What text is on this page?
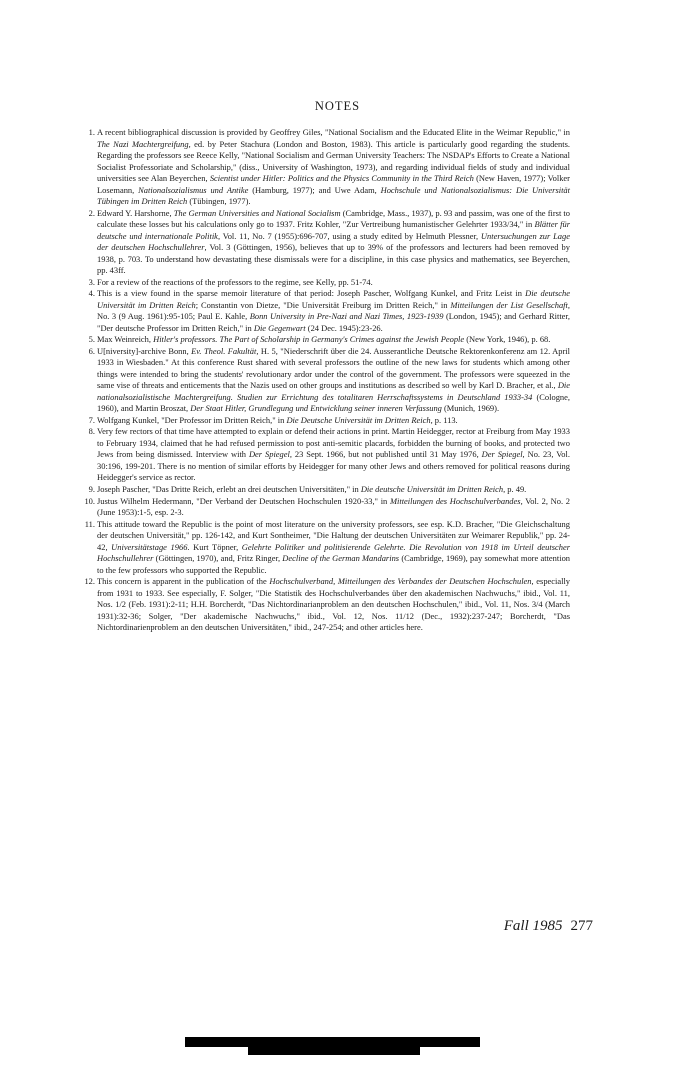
NOTES
1. A recent bibliographical discussion is provided by Geoffrey Giles, "National Socialism and the Educated Elite in the Weimar Republic," in The Nazi Machtergreifung, ed. by Peter Stachura (London and Boston, 1983). This article is particularly good regarding the students. Regarding the professors see Reece Kelly, "National Socialism and German University Teachers: The NSDAP's Efforts to Create a National Socialist Professoriate and Scholarship," (diss., University of Washington, 1973), and regarding individual fields of study and individual universities see Alan Beyerchen, Scientist under Hitler: Politics and the Physics Community in the Third Reich (New Haven, 1977); Volker Losemann, Nationalsozialismus und Antike (Hamburg, 1977); and Uwe Adam, Hochschule und Nationalsozialismus: Die Universität Tübingen im Dritten Reich (Tübingen, 1977).
2. Edward Y. Harshorne, The German Universities and National Socialism (Cambridge, Mass., 1937), p. 93 and passim, was one of the first to calculate these losses but his calculations only go to 1937. Fritz Kohler, "Zur Vertreibung humanistischer Gelehrter 1933/34," in Blätter für deutsche und internationale Politik, Vol. 11, No. 7 (1955):696-707, using a study edited by Helmuth Plessner, Untersuchungen zur Lage der deutschen Hochschullehrer, Vol. 3 (Göttingen, 1956), believes that up to 39% of the professors and lecturers had been removed by 1938, p. 703. To understand how devastating these dismissals were for a discipline, in this case physics and mathematics, see Beyerchen, pp. 43ff.
3. For a review of the reactions of the professors to the regime, see Kelly, pp. 51-74.
4. This is a view found in the sparse memoir literature of that period: Joseph Pascher, Wolfgang Kunkel, and Fritz Leist in Die deutsche Universität im Dritten Reich; Constantin von Dietze, "Die Universität Freiburg im Dritten Reich," in Mitteilungen der List Gesellschaft, No. 3 (9 Aug. 1961):95-105; Paul E. Kahle, Bonn University in Pre-Nazi and Nazi Times, 1923-1939 (London, 1945); and Gerhard Ritter, "Der deutsche Professor im Dritten Reich," in Die Gegenwart (24 Dec. 1945):23-26.
5. Max Weinreich, Hitler's professors. The Part of Scholarship in Germany's Crimes against the Jewish People (New York, 1946), p. 68.
6. U[niversity]-archive Bonn, Ev. Theol. Fakultät, H. 5, "Niederschrift über die 24. Ausserantliche Deutsche Rektorenkonferenz am 12. April 1933 in Wiesbaden." At this conference Rust shared with several professors the outline of the new laws for students which among other things were intended to bring the students' revolutionary ardor under the control of the government. The professors were squeezed in the same vise of threats and enticements that the Nazis used on other groups and institutions as described so well by Karl D. Bracher, et al., Die nationalsozialistische Machtergreifung. Studien zur Errichtung des totalitaren Herrschaftssystems in Deutschland 1933-34 (Cologne, 1960), and Martin Broszat, Der Staat Hitler, Grundlegung und Entwicklung seiner inneren Verfassung (Munich, 1969).
7. Wolfgang Kunkel, "Der Professor im Dritten Reich," in Die Deutsche Universität im Dritten Reich, p. 113.
8. Very few rectors of that time have attempted to explain or defend their actions in print. Martin Heidegger, rector at Freiburg from May 1933 to February 1934, claimed that he had refused permission to post anti-semitic placards, forbidden the burning of books, and protected two Jews from being dismissed. Interview with Der Spiegel, 23 Sept. 1966, but not published until 31 May 1976, Der Spiegel, No. 23, Vol. 30:196, 199-201. There is no mention of similar efforts by Heidegger for many other Jews and others removed for political reasons during Heidegger's service as rector.
9. Joseph Pascher, "Das Dritte Reich, erlebt an drei deutschen Universitäten," in Die deutsche Universität im Dritten Reich, p. 49.
10. Justus Wilhelm Hedermann, "Der Verband der Deutschen Hochschulen 1920-33," in Mitteilungen des Hochschulverbandes, Vol. 2, No. 2 (June 1953):1-5, esp. 2-3.
11. This attitude toward the Republic is the point of most literature on the university professors, see esp. K.D. Bracher, "Die Gleichschaltung der deutschen Universität," pp. 126-142, and Kurt Sontheimer, "Die Haltung der deutschen Universitäten zur Weimarer Republik," pp. 24-42, Universitätstage 1966. Kurt Töpner, Gelehrte Politiker und politisierende Gelehrte. Die Revolution von 1918 im Urteil deutscher Hochschullehrer (Göttingen, 1970), and, Fritz Ringer, Decline of the German Mandarins (Cambridge, 1969), pay somewhat more attention to the few professors who supported the Republic.
12. This concern is apparent in the publication of the Hochschulverband, Mitteilungen des Verbandes der Deutschen Hochschulen, especially from 1931 to 1933. See especially, F. Solger, "Die Statistik des Hochschulverbandes über den akademischen Nachwuchs," ibid., Vol. 11, Nos. 1/2 (Feb. 1931):2-11; H.H. Borcherdt, "Das Nichtordinarianproblem an den deutschen Hochschulen," ibid., Vol. 11, Nos. 3/4 (March 1931):32-36; Solger, "Der akademische Nachwuchs," ibid., Vol. 12, Nos. 11/12 (Dec., 1932):237-247; Borcherdt, "Das Nichtordinarienproblem an den deutschen Universitäten," ibid., 247-254; and other articles here.
Fall 1985 277
